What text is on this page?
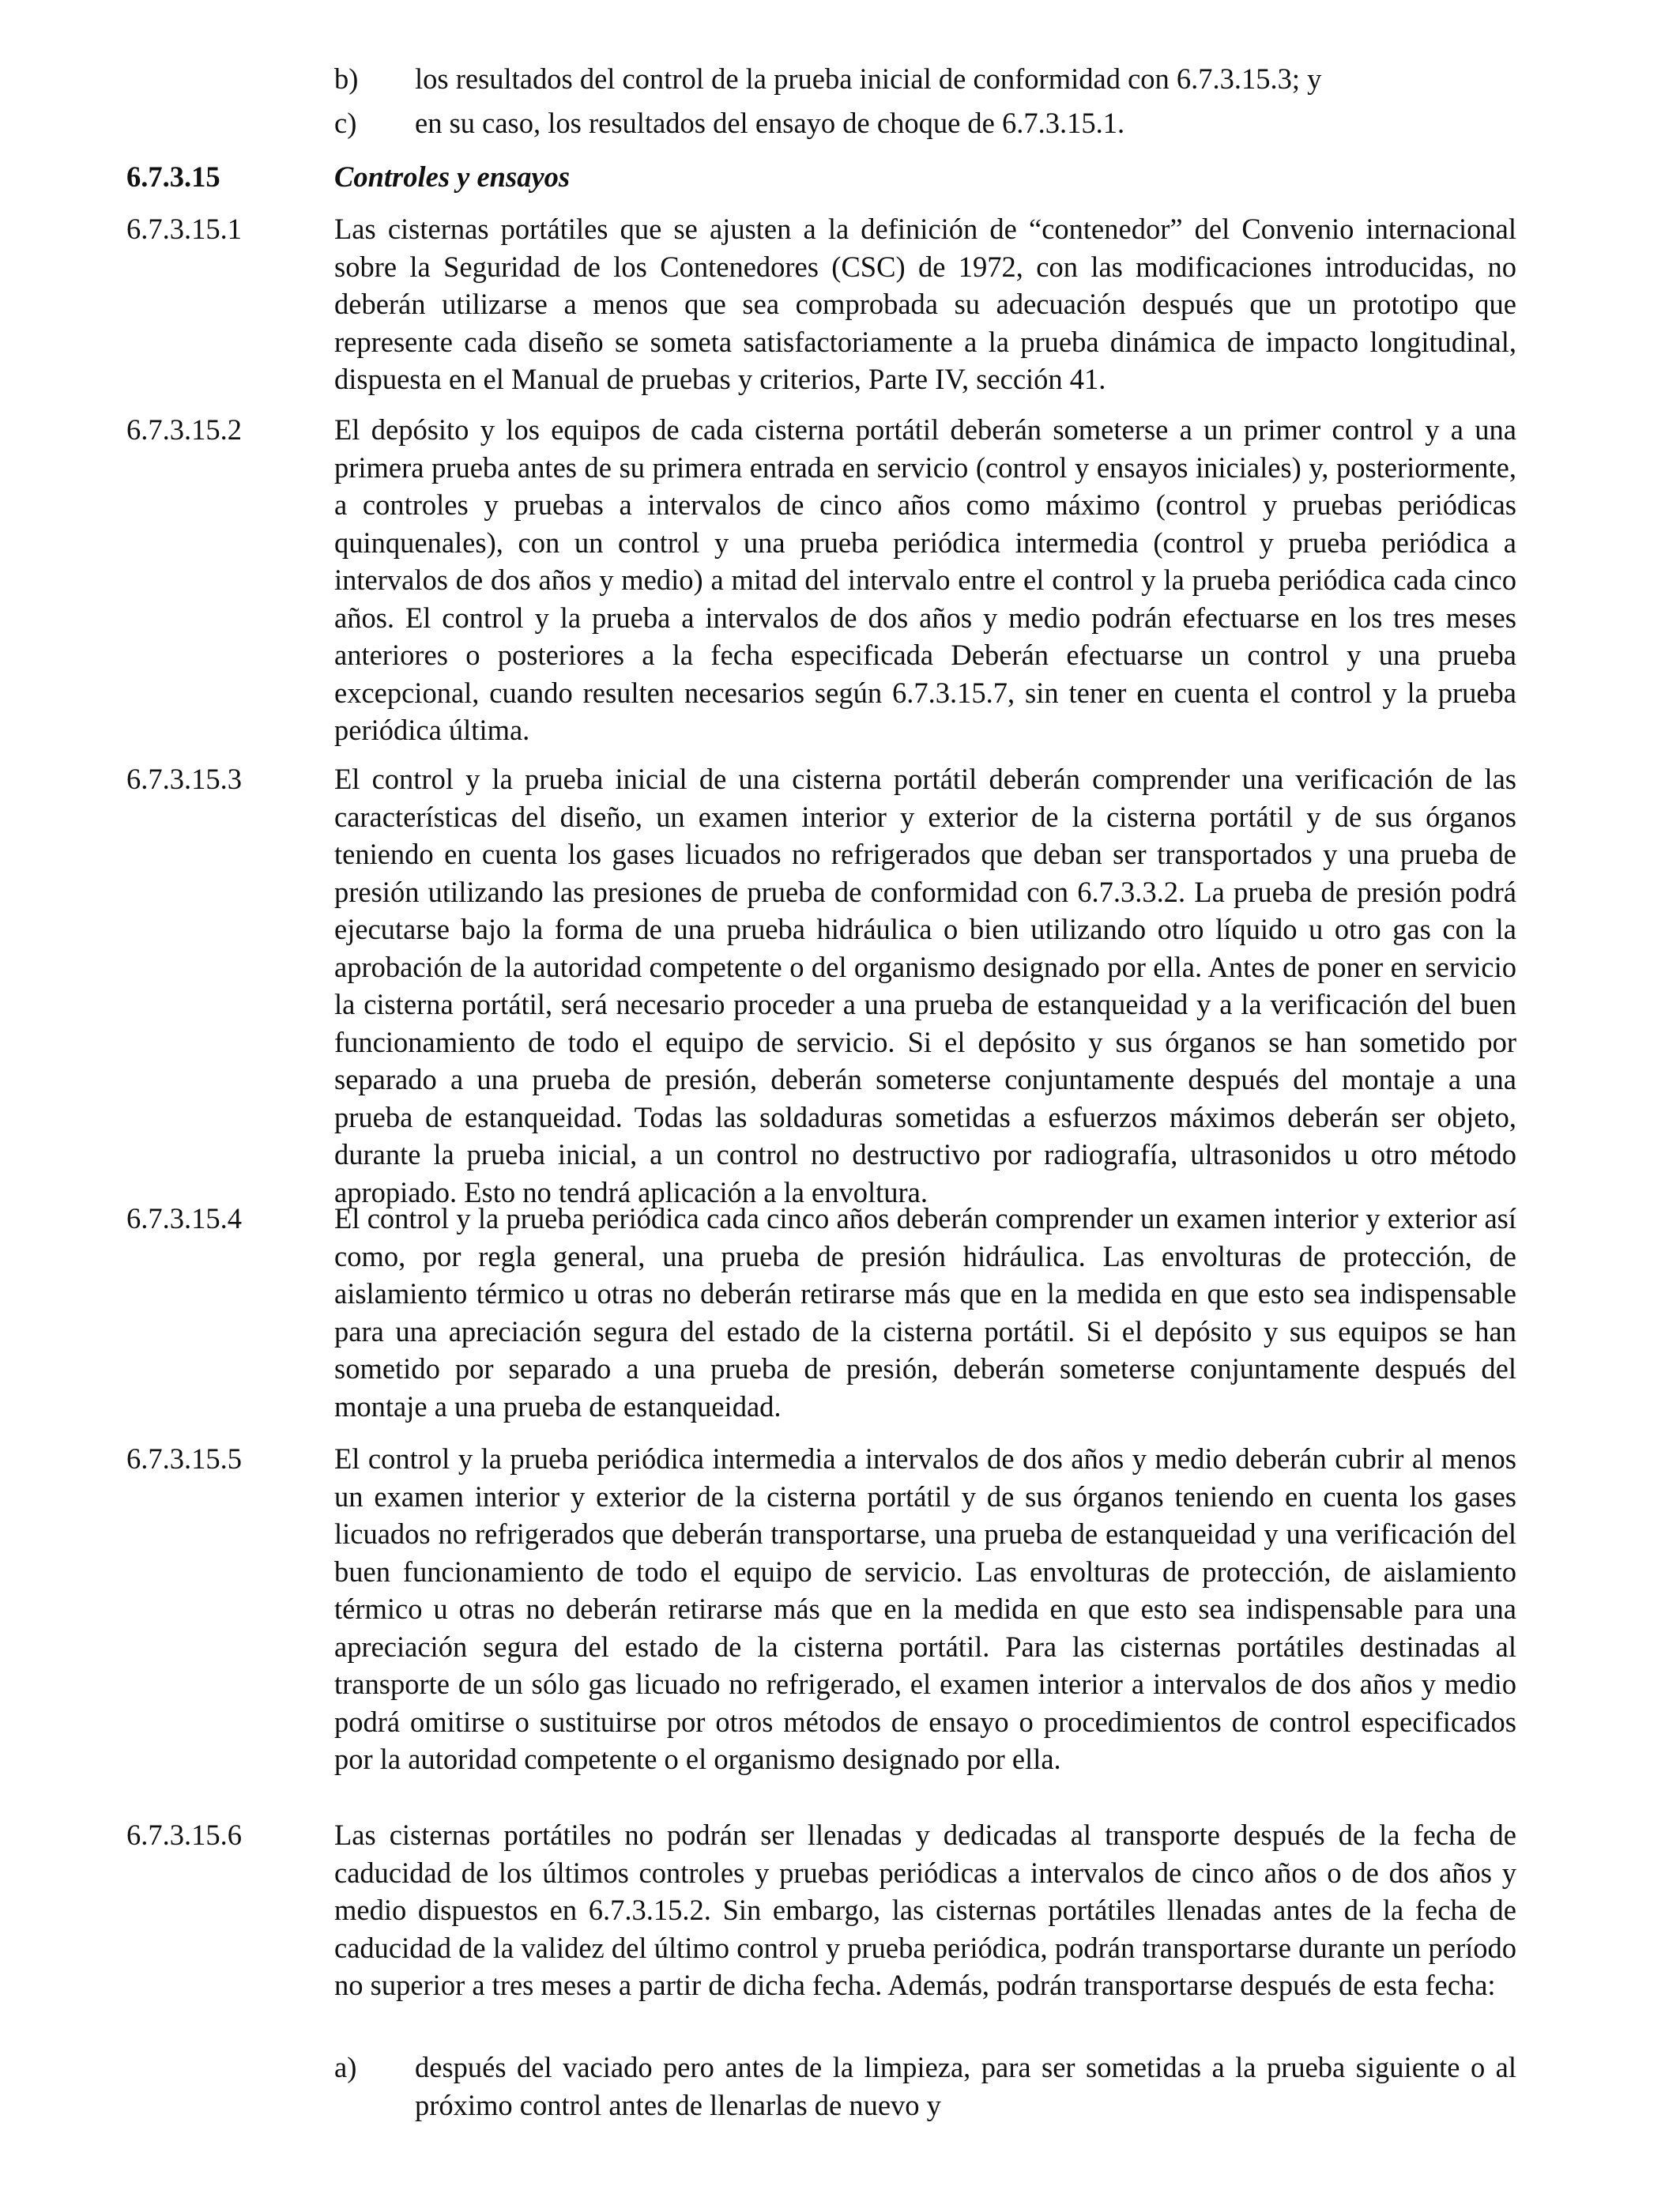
b) los resultados del control de la prueba inicial de conformidad con 6.7.3.15.3; y
c) en su caso, los resultados del ensayo de choque de 6.7.3.15.1.
6.7.3.15	Controles y ensayos
6.7.3.15.1	Las cisternas portátiles que se ajusten a la definición de “contenedor” del Convenio internacional sobre la Seguridad de los Contenedores (CSC) de 1972, con las modificaciones introducidas, no deberán utilizarse a menos que sea comprobada su adecuación después que un prototipo que represente cada diseño se someta satisfactoriamente a la prueba dinámica de impacto longitudinal, dispuesta en el Manual de pruebas y criterios, Parte IV, sección 41.
6.7.3.15.2	El depósito y los equipos de cada cisterna portátil deberán someterse a un primer control y a una primera prueba antes de su primera entrada en servicio (control y ensayos iniciales) y, posteriormente, a controles y pruebas a intervalos de cinco años como máximo (control y pruebas periódicas quinquenales), con un control y una prueba periódica intermedia (control y prueba periódica a intervalos de dos años y medio) a mitad del intervalo entre el control y la prueba periódica cada cinco años. El control y la prueba a intervalos de dos años y medio podrán efectuarse en los tres meses anteriores o posteriores a la fecha especificada Deberán efectuarse un control y una prueba excepcional, cuando resulten necesarios según 6.7.3.15.7, sin tener en cuenta el control y la prueba periódica última.
6.7.3.15.3	El control y la prueba inicial de una cisterna portátil deberán comprender una verificación de las características del diseño, un examen interior y exterior de la cisterna portátil y de sus órganos teniendo en cuenta los gases licuados no refrigerados que deban ser transportados y una prueba de presión utilizando las presiones de prueba de conformidad con 6.7.3.3.2. La prueba de presión podrá ejecutarse bajo la forma de una prueba hidráulica o bien utilizando otro líquido u otro gas con la aprobación de la autoridad competente o del organismo designado por ella. Antes de poner en servicio la cisterna portátil, será necesario proceder a una prueba de estanqueidad y a la verificación del buen funcionamiento de todo el equipo de servicio. Si el depósito y sus órganos se han sometido por separado a una prueba de presión, deberán someterse conjuntamente después del montaje a una prueba de estanqueidad. Todas las soldaduras sometidas a esfuerzos máximos deberán ser objeto, durante la prueba inicial, a un control no destructivo por radiografía, ultrasonidos u otro método apropiado. Esto no tendrá aplicación a la envoltura.
6.7.3.15.4	El control y la prueba periódica cada cinco años deberán comprender un examen interior y exterior así como, por regla general, una prueba de presión hidráulica. Las envolturas de protección, de aislamiento térmico u otras no deberán retirarse más que en la medida en que esto sea indispensable para una apreciación segura del estado de la cisterna portátil. Si el depósito y sus equipos se han sometido por separado a una prueba de presión, deberán someterse conjuntamente después del montaje a una prueba de estanqueidad.
6.7.3.15.5	El control y la prueba periódica intermedia a intervalos de dos años y medio deberán cubrir al menos un examen interior y exterior de la cisterna portátil y de sus órganos teniendo en cuenta los gases licuados no refrigerados que deberán transportarse, una prueba de estanqueidad y una verificación del buen funcionamiento de todo el equipo de servicio. Las envolturas de protección, de aislamiento térmico u otras no deberán retirarse más que en la medida en que esto sea indispensable para una apreciación segura del estado de la cisterna portátil. Para las cisternas portátiles destinadas al transporte de un sólo gas licuado no refrigerado, el examen interior a intervalos de dos años y medio podrá omitirse o sustituirse por otros métodos de ensayo o procedimientos de control especificados por la autoridad competente o el organismo designado por ella.
6.7.3.15.6	Las cisternas portátiles no podrán ser llenadas y dedicadas al transporte después de la fecha de caducidad de los últimos controles y pruebas periódicas a intervalos de cinco años o de dos años y medio dispuestos en 6.7.3.15.2. Sin embargo, las cisternas portátiles llenadas antes de la fecha de caducidad de la validez del último control y prueba periódica, podrán transportarse durante un período no superior a tres meses a partir de dicha fecha. Además, podrán transportarse después de esta fecha:
a) después del vaciado pero antes de la limpieza, para ser sometidas a la prueba siguiente o al próximo control antes de llenarlas de nuevo y
